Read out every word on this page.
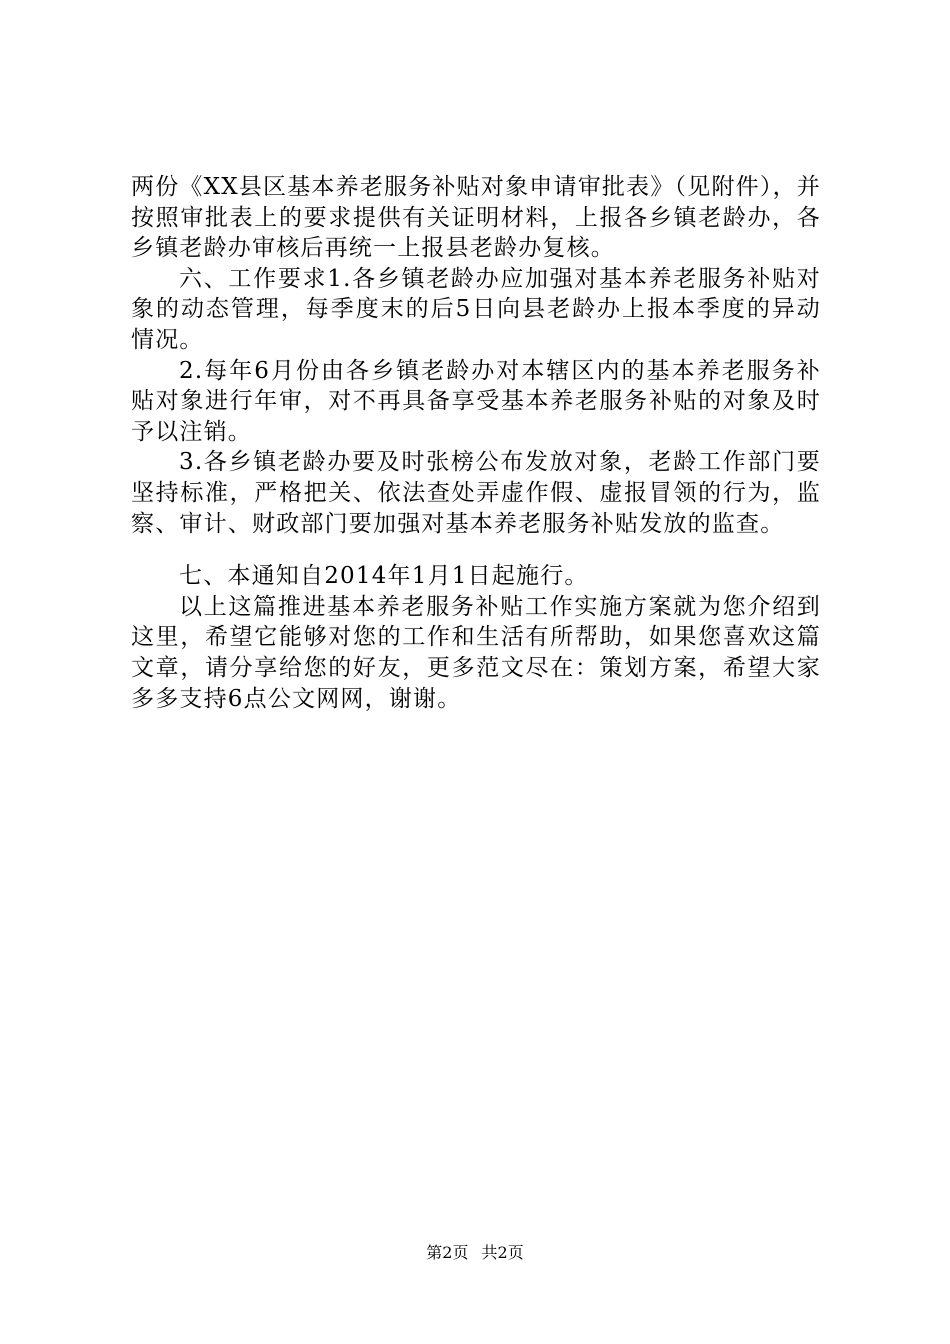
两份《XX县区基本养老服务补贴对象申请审批表》（见附件），并按照审批表上的要求提供有关证明材料，上报各乡镇老龄办，各乡镇老龄办审核后再统一上报县老龄办复核。

六、工作要求1.各乡镇老龄办应加强对基本养老服务补贴对象的动态管理，每季度末的后5日向县老龄办上报本季度的异动情况。

2.每年6月份由各乡镇老龄办对本辖区内的基本养老服务补贴对象进行年审，对不再具备享受基本养老服务补贴的对象及时予以注销。

3.各乡镇老龄办要及时张榜公布发放对象，老龄工作部门要坚持标准，严格把关、依法查处弄虚作假、虚报冒领的行为，监察、审计、财政部门要加强对基本养老服务补贴发放的监查。

七、本通知自2014年1月1日起施行。

以上这篇推进基本养老服务补贴工作实施方案就为您介绍到这里，希望它能够对您的工作和生活有所帮助，如果您喜欢这篇文章，请分享给您的好友，更多范文尽在：策划方案，希望大家多多支持6点公文网网，谢谢。

第2页 共2页
